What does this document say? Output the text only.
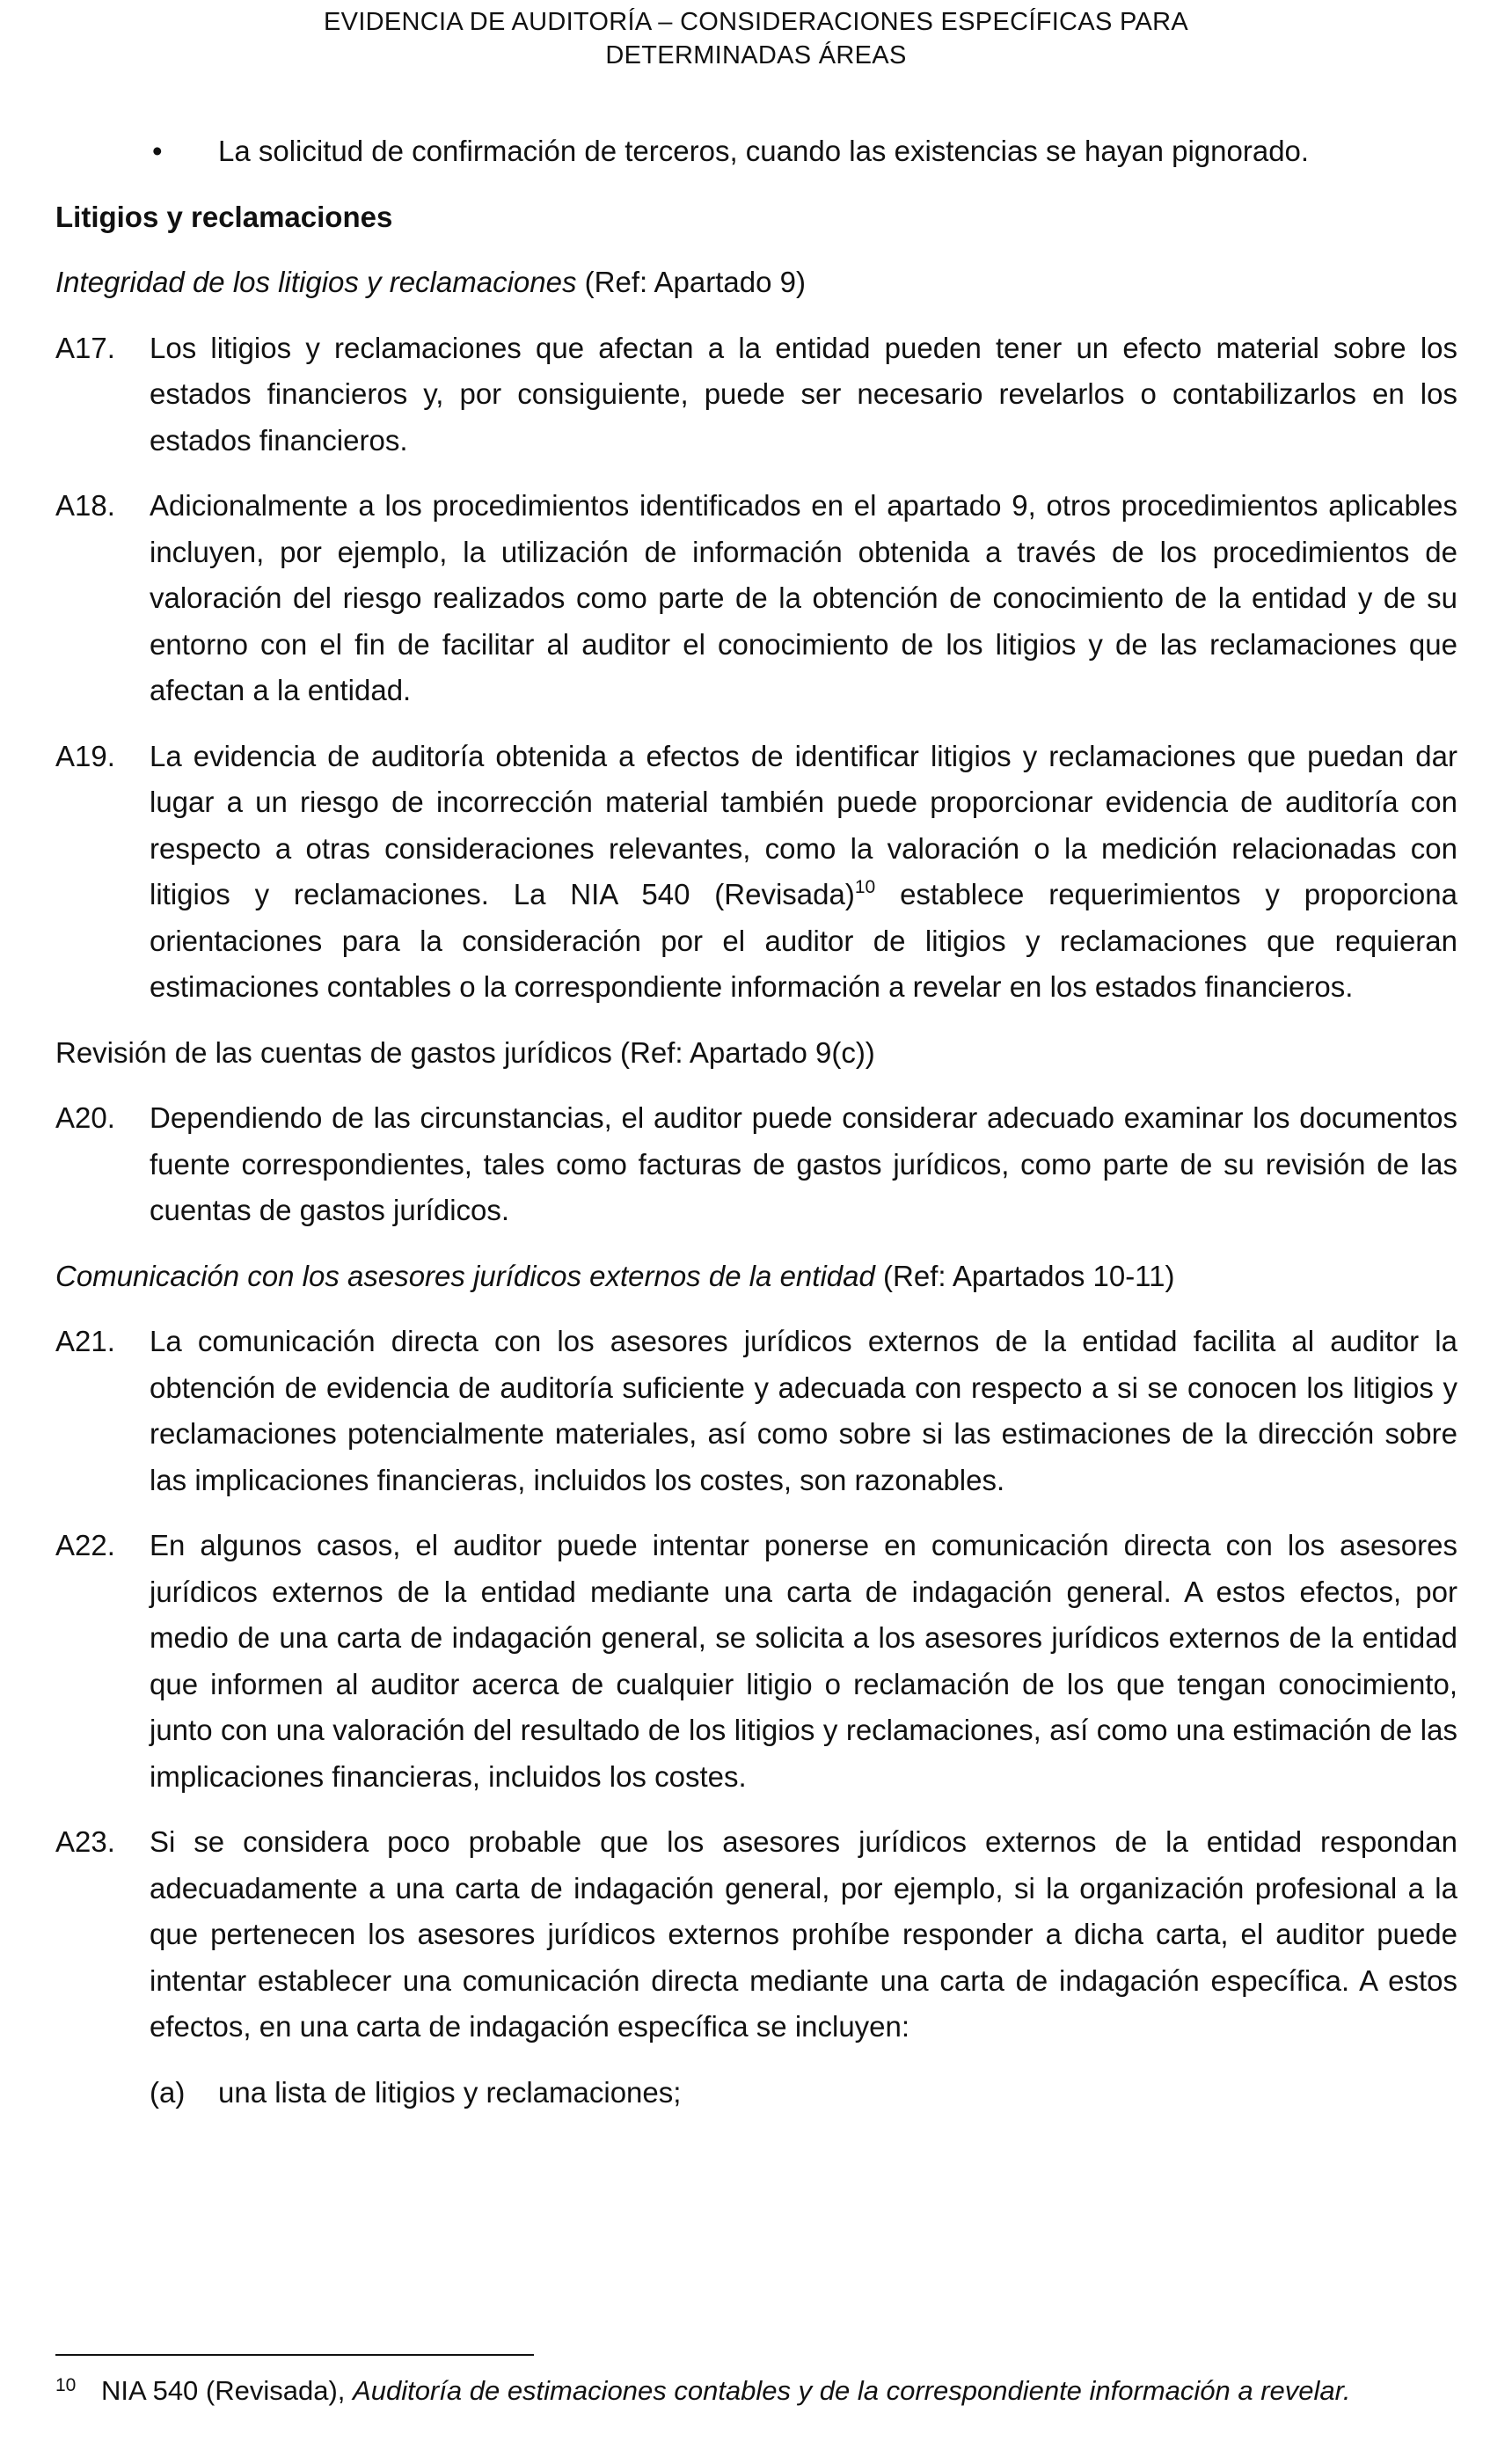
EVIDENCIA DE AUDITORÍA – CONSIDERACIONES ESPECÍFICAS PARA
DETERMINADAS ÁREAS

• La solicitud de confirmación de terceros, cuando las existencias se hayan pignorado.

Litigios y reclamaciones

Integridad de los litigios y reclamaciones (Ref: Apartado 9)

A17. Los litigios y reclamaciones que afectan a la entidad pueden tener un efecto material sobre los estados financieros y, por consiguiente, puede ser necesario revelarlos o contabilizarlos en los estados financieros.

A18. Adicionalmente a los procedimientos identificados en el apartado 9, otros procedimientos aplicables incluyen, por ejemplo, la utilización de información obtenida a través de los procedimientos de valoración del riesgo realizados como parte de la obtención de conocimiento de la entidad y de su entorno con el fin de facilitar al auditor el conocimiento de los litigios y de las reclamaciones que afectan a la entidad.

A19. La evidencia de auditoría obtenida a efectos de identificar litigios y reclamaciones que puedan dar lugar a un riesgo de incorrección material también puede proporcionar evidencia de auditoría con respecto a otras consideraciones relevantes, como la valoración o la medición relacionadas con litigios y reclamaciones. La NIA 540 (Revisada)$^{10}$ establece requerimientos y proporciona orientaciones para la consideración por el auditor de litigios y reclamaciones que requieran estimaciones contables o la correspondiente información a revelar en los estados financieros.

Revisión de las cuentas de gastos jurídicos (Ref: Apartado 9(c))

A20. Dependiendo de las circunstancias, el auditor puede considerar adecuado examinar los documentos fuente correspondientes, tales como facturas de gastos jurídicos, como parte de su revisión de las cuentas de gastos jurídicos.

Comunicación con los asesores jurídicos externos de la entidad (Ref: Apartados 10-11)

A21. La comunicación directa con los asesores jurídicos externos de la entidad facilita al auditor la obtención de evidencia de auditoría suficiente y adecuada con respecto a si se conocen los litigios y reclamaciones potencialmente materiales, así como sobre si las estimaciones de la dirección sobre las implicaciones financieras, incluidos los costes, son razonables.

A22. En algunos casos, el auditor puede intentar ponerse en comunicación directa con los asesores jurídicos externos de la entidad mediante una carta de indagación general. A estos efectos, por medio de una carta de indagación general, se solicita a los asesores jurídicos externos de la entidad que informen al auditor acerca de cualquier litigio o reclamación de los que tengan conocimiento, junto con una valoración del resultado de los litigios y reclamaciones, así como una estimación de las implicaciones financieras, incluidos los costes.

A23. Si se considera poco probable que los asesores jurídicos externos de la entidad respondan adecuadamente a una carta de indagación general, por ejemplo, si la organización profesional a la que pertenecen los asesores jurídicos externos prohíbe responder a dicha carta, el auditor puede intentar establecer una comunicación directa mediante una carta de indagación específica. A estos efectos, en una carta de indagación específica se incluyen:

(a) una lista de litigios y reclamaciones;

10 NIA 540 (Revisada), Auditoría de estimaciones contables y de la correspondiente información a revelar.
